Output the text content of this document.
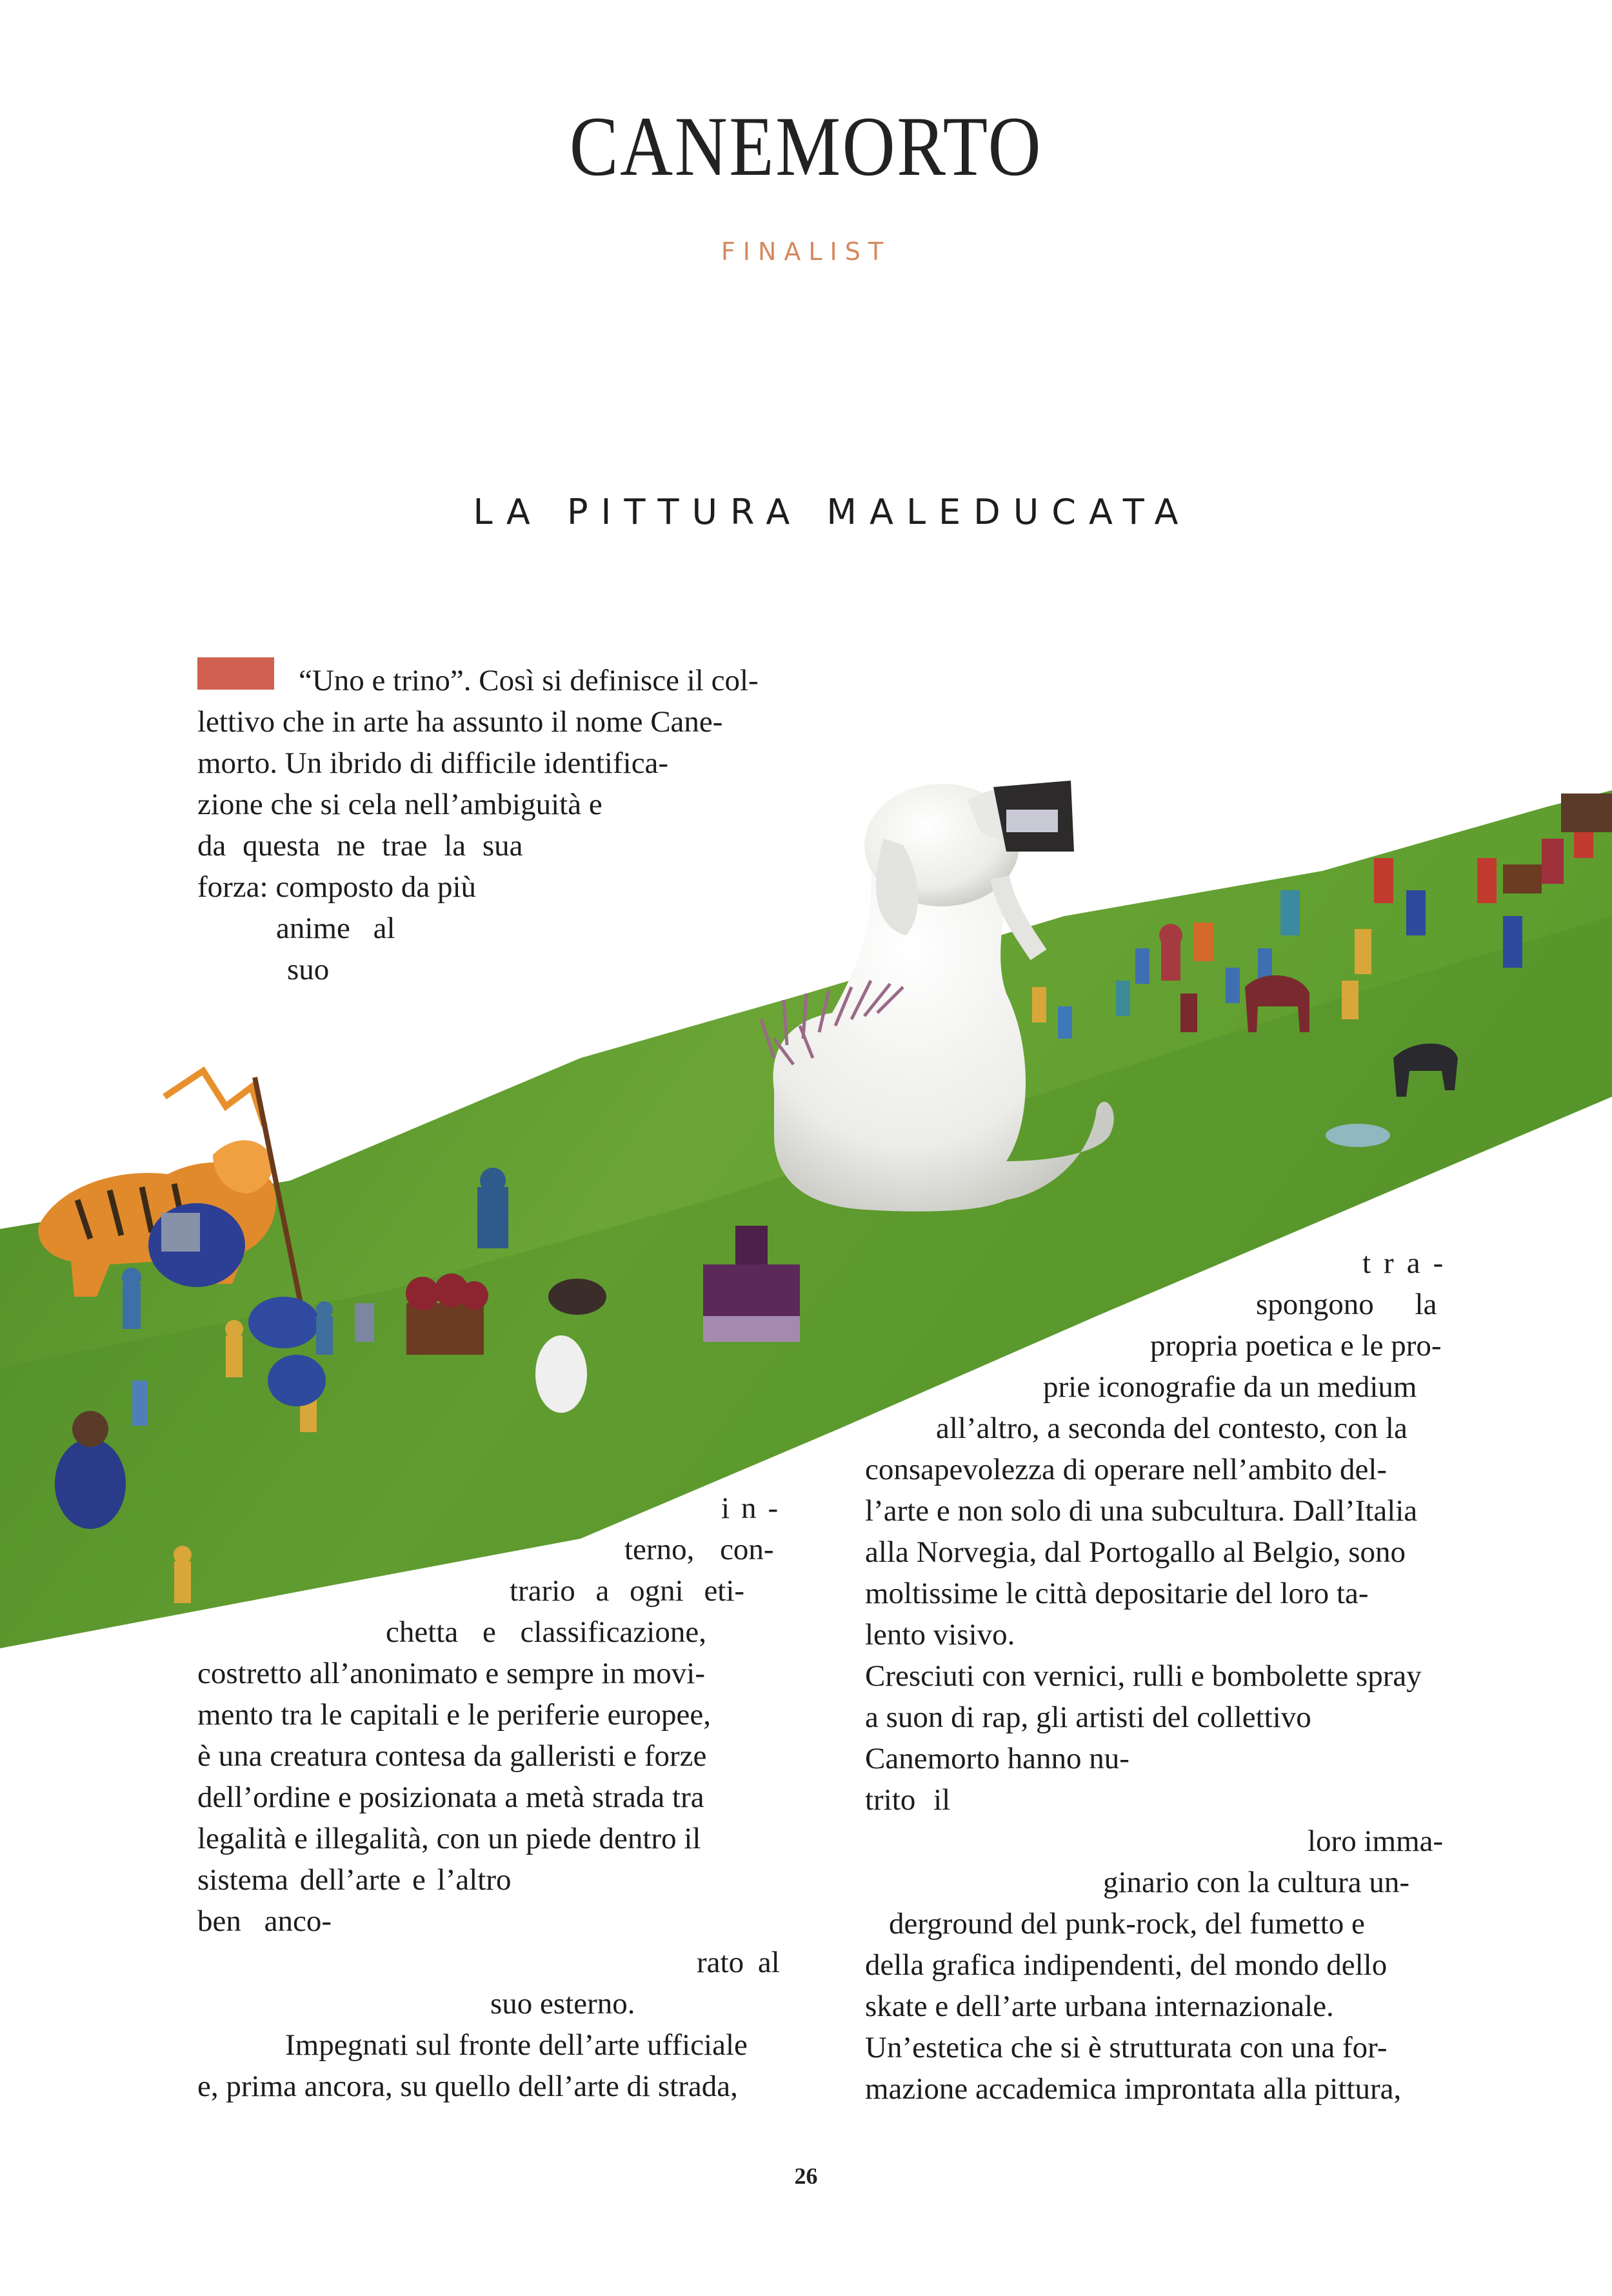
CANEMORTO
FINALIST
LA PITTURA MALEDUCATA
“Uno e trino”. Così si definisce il col-
lettivo che in arte ha assunto il nome Cane-
morto. Un ibrido di difficile identifica-
zione che si cela nell’ambiguità e
da questa ne trae la sua
forza: composto da più
anime al
suo
in-
terno, con-
trario a ogni eti-
chetta e classificazione,
costretto all’anonimato e sempre in movi-
mento tra le capitali e le periferie europee,
è una creatura contesa da galleristi e forze
dell’ordine e posizionata a metà strada tra
legalità e illegalità, con un piede dentro il
sistema dell’arte e l’altro
ben anco-
rato al
suo esterno.
Impegnati sul fronte dell’arte ufficiale
e, prima ancora, su quello dell’arte di strada,
tra-
spongono la
propria poetica e le pro-
prie iconografie da un medium
all’altro, a seconda del contesto, con la
consapevolezza di operare nell’ambito del-
l’arte e non solo di una subcultura. Dall’Italia
alla Norvegia, dal Portogallo al Belgio, sono
moltissime le città depositarie del loro ta-
lento visivo.
Cresciuti con vernici, rulli e bombolette spray
a suon di rap, gli artisti del collettivo
Canemorto hanno nu-
trito il
loro imma-
ginario con la cultura un-
derground del punk-rock, del fumetto e
della grafica indipendenti, del mondo dello
skate e dell’arte urbana internazionale.
Un’estetica che si è strutturata con una for-
mazione accademica improntata alla pittura,
26
